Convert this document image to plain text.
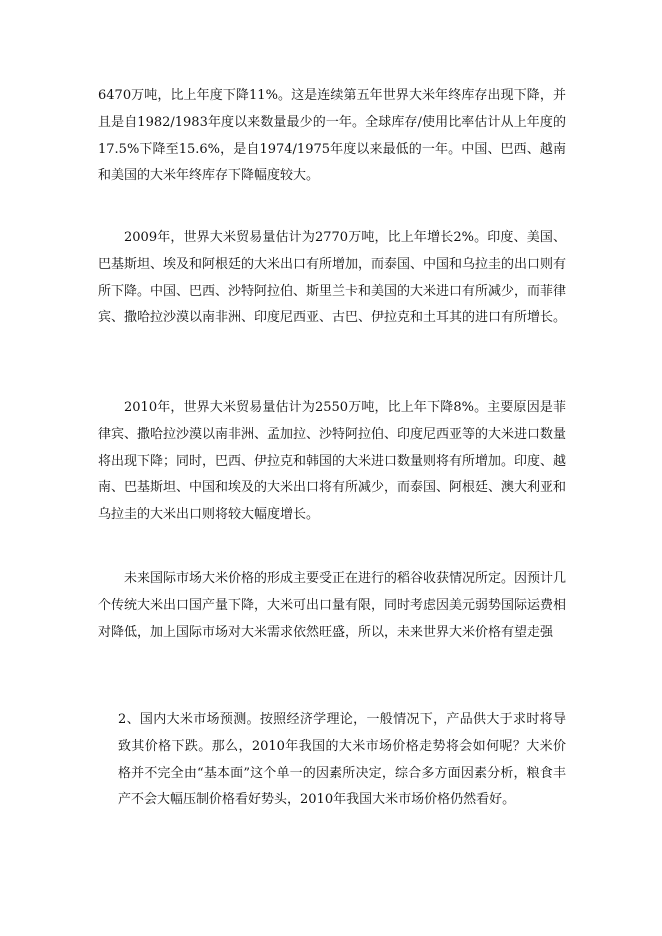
6470万吨，比上年度下降11%。这是连续第五年世界大米年终库存出现下降，并且是自1982/1983年度以来数量最少的一年。全球库存/使用比率估计从上年度的17.5%下降至15.6%，是自1974/1975年度以来最低的一年。中国、巴西、越南和美国的大米年终库存下降幅度较大。

2009年，世界大米贸易量估计为2770万吨，比上年增长2%。印度、美国、巴基斯坦、埃及和阿根廷的大米出口有所增加，而泰国、中国和乌拉圭的出口则有所下降。中国、巴西、沙特阿拉伯、斯里兰卡和美国的大米进口有所减少，而菲律宾、撒哈拉沙漠以南非洲、印度尼西亚、古巴、伊拉克和土耳其的进口有所增长。

2010年，世界大米贸易量估计为2550万吨，比上年下降8%。主要原因是菲律宾、撒哈拉沙漠以南非洲、孟加拉、沙特阿拉伯、印度尼西亚等的大米进口数量将出现下降；同时，巴西、伊拉克和韩国的大米进口数量则将有所增加。印度、越南、巴基斯坦、中国和埃及的大米出口将有所减少，而泰国、阿根廷、澳大利亚和乌拉圭的大米出口则将较大幅度增长。

未来国际市场大米价格的形成主要受正在进行的稻谷收获情况所定。因预计几个传统大米出口国产量下降，大米可出口量有限，同时考虑因美元弱势国际运费相对降低，加上国际市场对大米需求依然旺盛，所以，未来世界大米价格有望走强

2、国内大米市场预测。按照经济学理论，一般情况下，产品供大于求时将导致其价格下跌。那么，2010年我国的大米市场价格走势将会如何呢？大米价格并不完全由“基本面”这个单一的因素所决定，综合多方面因素分析，粮食丰产不会大幅压制价格看好势头，2010年我国大米市场价格仍然看好。
